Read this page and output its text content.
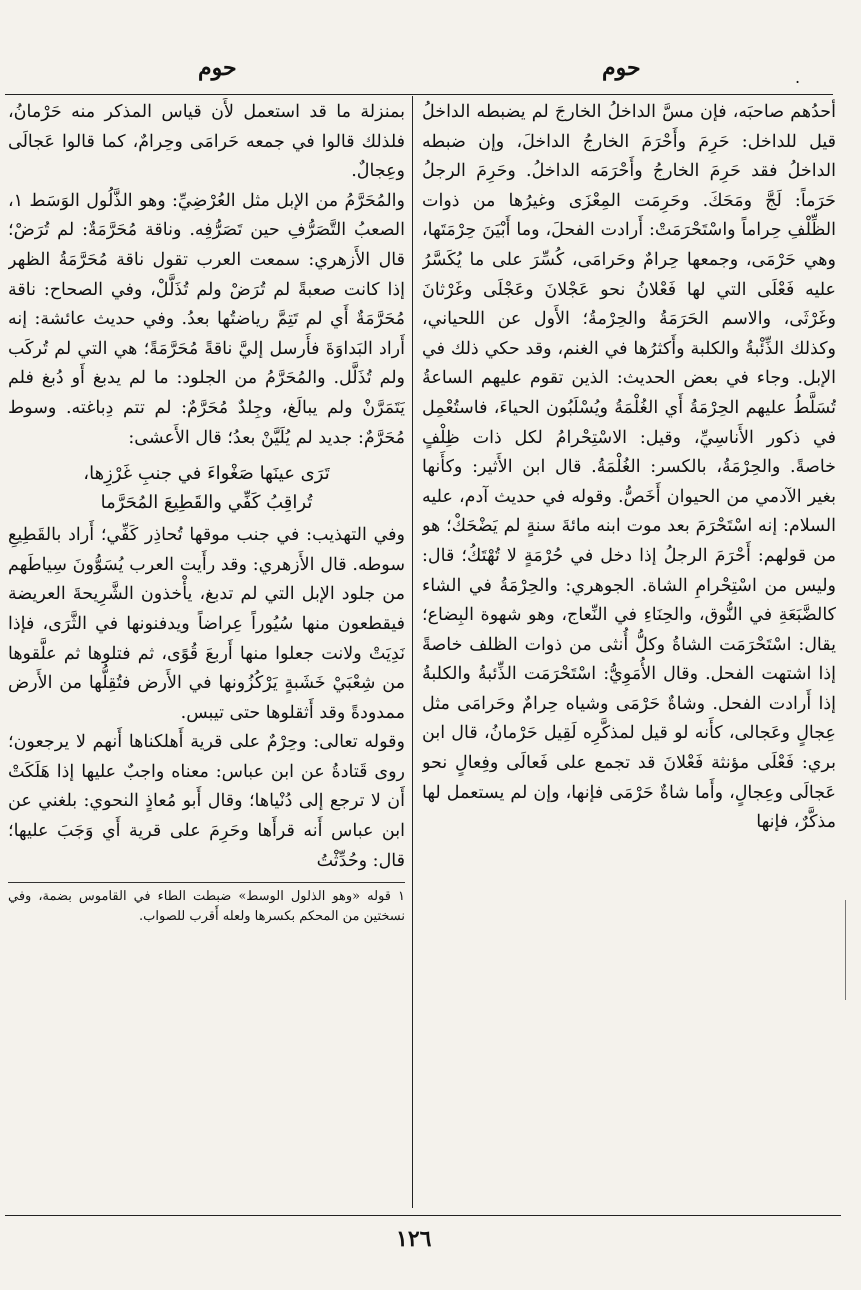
حوم	حوم	.

أحدُهم صاحبَه، فإن مسَّ الداخلُ الخارجَ لم يضبطه الداخلُ قيل للداخل: حَرِمَ وأَحْرَمَ الخارجُ الداخلَ، وإن ضبطه الداخلُ فقد حَرِمَ الخارجُ وأَحْرَمَه الداخلُ. وحَرِمَ الرجلُ حَرَماً: لَجَّ ومَحَكَ. وحَرِمَت المِعْزَى وغيرُها من ذوات الظِّلْفِ حِراماً واسْتَحْرَمَتْ: أَرادت الفحلَ، وما أَبْيَنَ حِرْمَتَها، وهي حَرْمَى، وجمعها حِرامٌ وحَرامَى، كُسِّرَ على ما يُكَسَّرُ عليه فَعْلَى التي لها فَعْلانُ نحو عَجْلانَ وعَجْلَى وغَرْثانَ وغَرْثَى، والاسم الحَرَمَةُ والحِرْمةُ؛ الأَول عن اللحياني، وكذلك الذِّئْبةُ والكلبة وأَكثرُها في الغنم، وقد حكي ذلك في الإبل. وجاء في بعض الحديث: الذين تقوم عليهم الساعةُ تُسَلَّطُ عليهم الحِرْمَةُ أَي الغُلْمَةُ ويُسْلَبُون الحياءَ، فاستُعْمِل في ذكور الأَناسِيِّ، وقيل: الاسْتِحْرامُ لكل ذات ظِلْفٍ خاصةً. والحِرْمَةُ، بالكسر: الغُلْمَةُ. قال ابن الأَثير: وكأَنها بغير الآدمي من الحيوان أَخَصُّ. وقوله في حديث آدم، عليه السلام: إنه اسْتَحْرَمَ بعد موت ابنه مائةَ سنةٍ لم يَضْحَكْ؛ هو من قولهم: أَحْرَمَ الرجلُ إذا دخل في حُرْمَةٍ لا تُهْتَكُ؛ قال: وليس من اسْتِحْرامِ الشاة. الجوهري: والحِرْمَةُ في الشاء كالضَّبَعَةِ في النُّوق، والحِنَاءِ في النِّعاج، وهو شهوة البِضاع؛ يقال: اسْتَحْرَمَت الشاةُ وكلُّ أُنثى من ذوات الظلف خاصةً إذا اشتهت الفحل. وقال الأُمَوِيُّ: اسْتَحْرَمَت الذِّئبةُ والكلبةُ إذا أَرادت الفحل. وشاةٌ حَرْمَى وشياه حِرامٌ وحَرامَى مثل عِجالٍ وعَجالى، كأَنه لو قيل لمذكَّرِه لَقِيل حَرْمانُ، قال ابن بري: فَعْلَى مؤنثة فَعْلانَ قد تجمع على فَعالَى وفِعالٍ نحو عَجالَى وعِجالٍ، وأَما شاةٌ حَرْمَى فإنها، وإن لم يستعمل لها مذكَّرٌ، فإنها

بمنزلة ما قد استعمل لأَن قياس المذكر منه حَرْمانُ، فلذلك قالوا في جمعه حَرامَى وحِرامٌ، كما قالوا عَجالَى وعِجالٌ.

والمُحَرَّمُ من الإبل مثل العُرْضِيِّ: وهو الذَّلُول الوَسَط ١، الصعبُ التَّصَرُّفِ حين تَصَرُّفِه. وناقة مُحَرَّمَةٌ: لم تُرَضْ؛ قال الأَزهري: سمعت العرب تقول ناقة مُحَرَّمَةُ الظهر إذا كانت صعبةً لم تُرَضْ ولم تُذَلَّلْ، وفي الصحاح: ناقة مُحَرَّمَةٌ أَي لم تَتِمَّ رياضتُها بعدُ. وفي حديث عائشة: إنه أَراد البَداوَةَ فأَرسل إليَّ ناقةً مُحَرَّمَةً؛ هي التي لم تُركَب ولم تُذَلَّل. والمُحَرَّمُ من الجلود: ما لم يدبغ أَو دُبغ فلم يَتَمَرَّنْ ولم يبالَغ، وجِلدٌ مُحَرَّمٌ: لم تتم دِباغته. وسوط مُحَرَّمٌ: جديد لم يُلَيَّنْ بعدُ؛ قال الأَعشى:

تَرَى عينَها صَغْواءَ في جنبِ غَرْزِها،
تُراقِبُ كَفِّي والقَطِيعَ المُحَرَّما

وفي التهذيب: في جنب موقها تُحاذِر كَفِّي؛ أَراد بالقَطِيعِ سوطه. قال الأَزهري: وقد رأَيت العرب يُسَوُّونَ سِياطَهم من جلود الإبل التي لم تدبغ، يأْخذون الشَّرِيحةَ العريضة فيقطعون منها سُيُوراً عِراضاً ويدفنونها في الثَّرَى، فإذا نَدِيَتْ ولانت جعلوا منها أَربعَ قُوًى، ثم فتلوها ثم علَّقوها من شِعْبَيْ خَشَبةٍ يَرْكُزُونها في الأَرض فتُقِلُّها من الأَرض ممدودةً وقد أَثقلوها حتى تيبس.

وقوله تعالى: وحِرْمٌ على قرية أَهلكناها أَنهم لا يرجعون؛ روى قَتادةُ عن ابن عباس: معناه واجبٌ عليها إذا هَلَكَتْ أَن لا ترجع إلى دُنْياها؛ وقال أَبو مُعاذٍ النحوي: بلغني عن ابن عباس أَنه قرأَها وحَرِمَ على قرية أَي وَجَبَ عليها؛ قال: وحُدِّثْتُ

١ قوله «وهو الذلول الوسط» ضبطت الطاء في القاموس بضمة، وفي نسختين من المحكم بكسرها ولعله أَقرب للصواب.
١٢٦
